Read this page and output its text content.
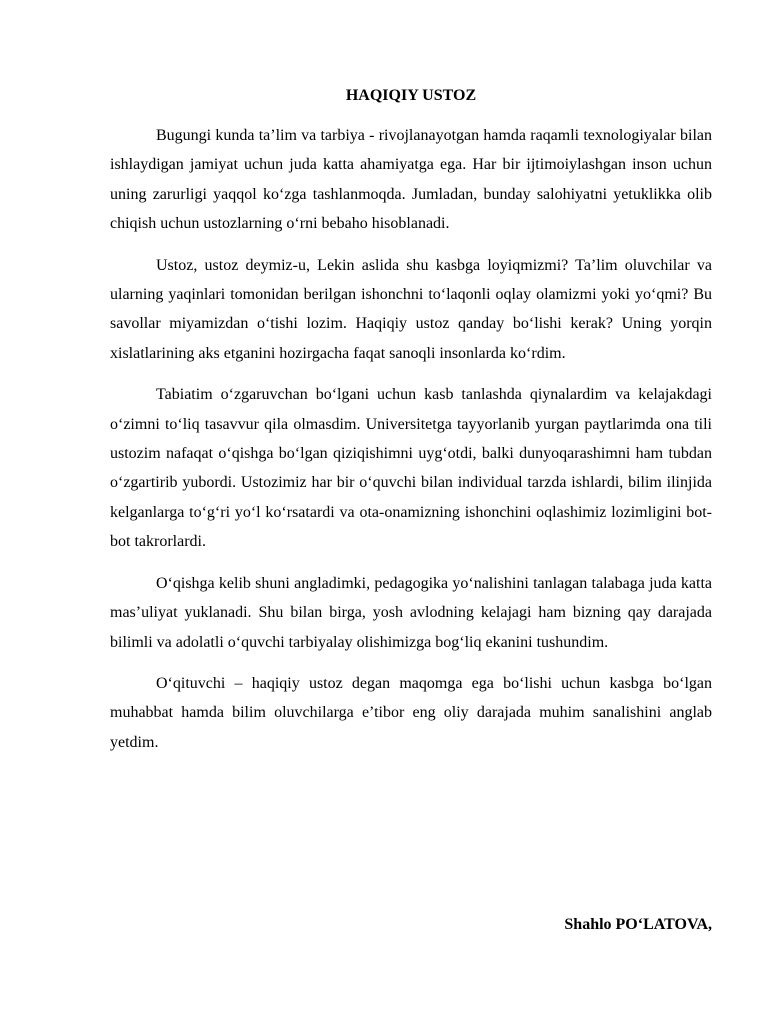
HAQIQIY USTOZ

Bugungi kunda ta’lim va tarbiya - rivojlanayotgan hamda raqamli texnologiyalar bilan ishlaydigan jamiyat uchun juda katta ahamiyatga ega. Har bir ijtimoiylashgan inson uchun uning zarurligi yaqqol ko‘zga tashlanmoqda. Jumladan, bunday salohiyatni yetuklikka olib chiqish uchun ustozlarning o‘rni bebaho hisoblanadi.

Ustoz, ustoz deymiz-u, Lekin aslida shu kasbga loyiqmizmi? Ta’lim oluvchilar va ularning yaqinlari tomonidan berilgan ishonchni to‘laqonli oqlay olamizmi yoki yo‘qmi? Bu savollar miyamizdan o‘tishi lozim. Haqiqiy ustoz qanday bo‘lishi kerak? Uning yorqin xislatlarining aks etganini hozirgacha faqat sanoqli insonlarda ko‘rdim.

Tabiatim o‘zgaruvchan bo‘lgani uchun kasb tanlashda qiynalardim va kelajakdagi o‘zimni to‘liq tasavvur qila olmasdim. Universitetga tayyorlanib yurgan paytlarimda ona tili ustozim nafaqat o‘qishga bo‘lgan qiziqishimni uyg‘otdi, balki dunyoqarashimni ham tubdan o‘zgartirib yubordi. Ustozimiz har bir o‘quvchi bilan individual tarzda ishlardi, bilim ilinjida kelganlarga to‘g‘ri yo‘l ko‘rsatardi va ota-onamizning ishonchini oqlashimiz lozimligini bot-bot takrorlardi.

O‘qishga kelib shuni angladimki, pedagogika yo‘nalishini tanlagan talabaga juda katta mas’uliyat yuklanadi. Shu bilan birga, yosh avlodning kelajagi ham bizning qay darajada bilimli va adolatli o‘quvchi tarbiyalay olishimizga bog‘liq ekanini tushundim.

O‘qituvchi – haqiqiy ustoz degan maqomga ega bo‘lishi uchun kasbga bo‘lgan muhabbat hamda bilim oluvchilarga e’tibor eng oliy darajada muhim sanalishini anglab yetdim.

Shahlo PO‘LATOVA,
